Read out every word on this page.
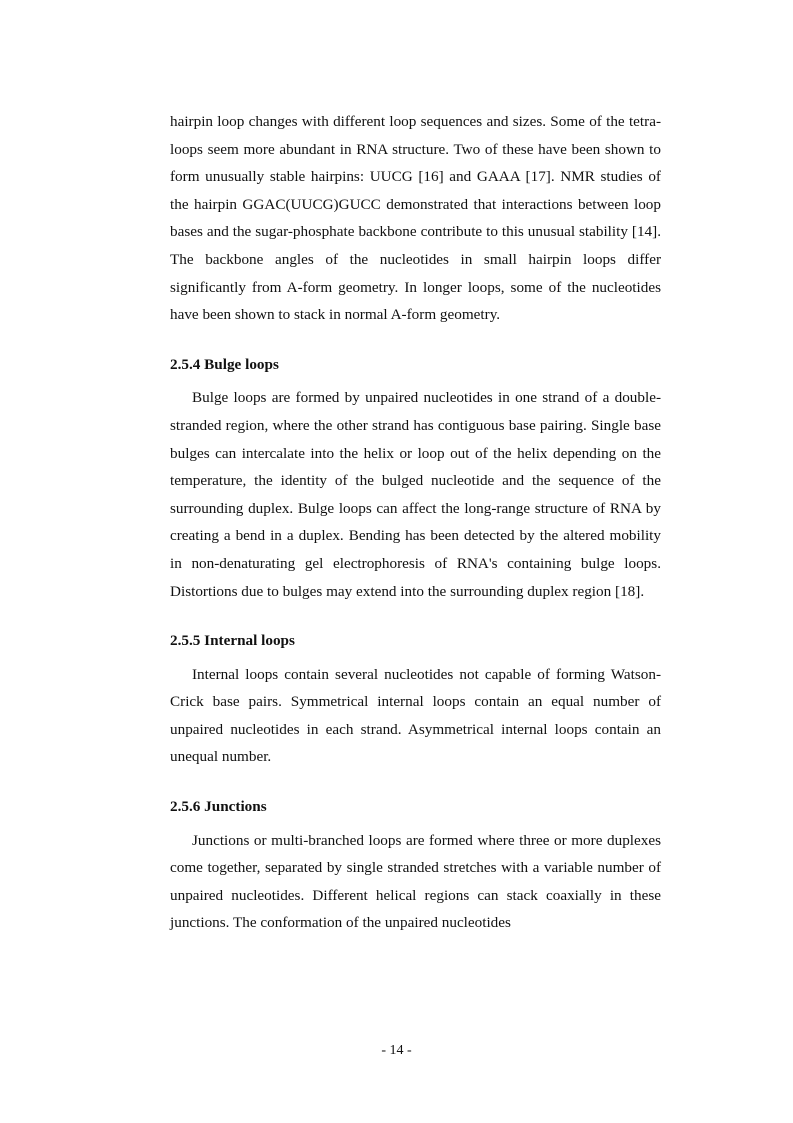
hairpin loop changes with different loop sequences and sizes. Some of the tetra-loops seem more abundant in RNA structure. Two of these have been shown to form unusually stable hairpins: UUCG [16] and GAAA [17]. NMR studies of the hairpin GGAC(UUCG)GUCC demonstrated that interactions between loop bases and the sugar-phosphate backbone contribute to this unusual stability [14]. The backbone angles of the nucleotides in small hairpin loops differ significantly from A-form geometry. In longer loops, some of the nucleotides have been shown to stack in normal A-form geometry.

2.5.4 Bulge loops

Bulge loops are formed by unpaired nucleotides in one strand of a double-stranded region, where the other strand has contiguous base pairing. Single base bulges can intercalate into the helix or loop out of the helix depending on the temperature, the identity of the bulged nucleotide and the sequence of the surrounding duplex. Bulge loops can affect the long-range structure of RNA by creating a bend in a duplex. Bending has been detected by the altered mobility in non-denaturating gel electrophoresis of RNA's containing bulge loops. Distortions due to bulges may extend into the surrounding duplex region [18].

2.5.5 Internal loops

Internal loops contain several nucleotides not capable of forming Watson-Crick base pairs. Symmetrical internal loops contain an equal number of unpaired nucleotides in each strand. Asymmetrical internal loops contain an unequal number.

2.5.6 Junctions

Junctions or multi-branched loops are formed where three or more duplexes come together, separated by single stranded stretches with a variable number of unpaired nucleotides. Different helical regions can stack coaxially in these junctions. The conformation of the unpaired nucleotides

- 14 -
